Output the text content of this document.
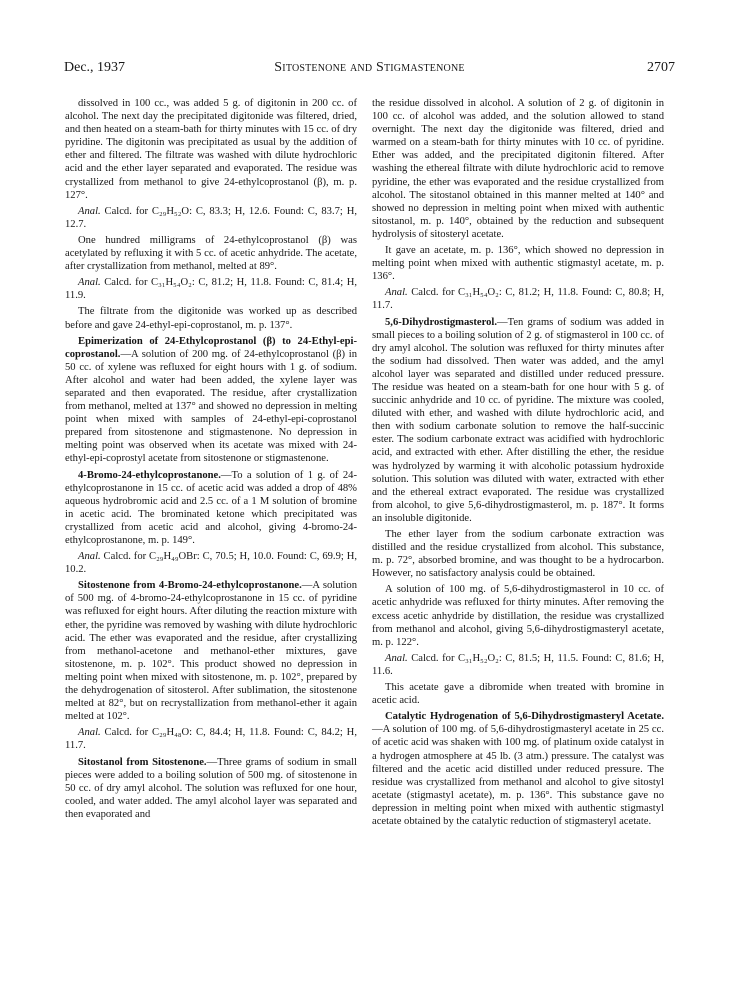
Dec., 1937	Sitostenone and Stigmastenone	2707

dissolved in 100 cc., was added 5 g. of digitonin in 200 cc. of alcohol. The next day the precipitated digitonide was filtered, dried, and then heated on a steam-bath for thirty minutes with 15 cc. of dry pyridine. The digitonin was precipitated as usual by the addition of ether and filtered. The filtrate was washed with dilute hydrochloric acid and the ether layer separated and evaporated. The residue was crystallized from methanol to give 24-ethylcoprostanol (β), m. p. 127°.

Anal. Calcd. for C₂₉H₅₂O: C, 83.3; H, 12.6. Found: C, 83.7; H, 12.7.

One hundred milligrams of 24-ethylcoprostanol (β) was acetylated by refluxing it with 5 cc. of acetic anhydride. The acetate, after crystallization from methanol, melted at 89°.

Anal. Calcd. for C₃₁H₅₄O₂: C, 81.2; H, 11.8. Found: C, 81.4; H, 11.9.

The filtrate from the digitonide was worked up as described before and gave 24-ethyl-epi-coprostanol, m. p. 137°.

Epimerization of 24-Ethylcoprostanol (β) to 24-Ethyl-epi-coprostanol.—A solution of 200 mg. of 24-ethylcoprostanol (β) in 50 cc. of xylene was refluxed for eight hours with 1 g. of sodium. After alcohol and water had been added, the xylene layer was separated and then evaporated. The residue, after crystallization from methanol, melted at 137° and showed no depression in melting point when mixed with samples of 24-ethyl-epi-coprostanol prepared from sitostenone and stigmastenone. No depression in melting point was observed when its acetate was mixed with 24-ethyl-epi-coprostyl acetate from sitostenone or stigmastenone.

4-Bromo-24-ethylcoprostanone.—To a solution of 1 g. of 24-ethylcoprostanone in 15 cc. of acetic acid was added a drop of 48% aqueous hydrobromic acid and 2.5 cc. of a 1 M solution of bromine in acetic acid. The brominated ketone which precipitated was crystallized from acetic acid and alcohol, giving 4-bromo-24-ethylcoprostanone, m. p. 149°.

Anal. Calcd. for C₂₉H₄₉OBr: C, 70.5; H, 10.0. Found: C, 69.9; H, 10.2.

Sitostenone from 4-Bromo-24-ethylcoprostanone.—A solution of 500 mg. of 4-bromo-24-ethylcoprostanone in 15 cc. of pyridine was refluxed for eight hours. After diluting the reaction mixture with ether, the pyridine was removed by washing with dilute hydrochloric acid. The ether was evaporated and the residue, after crystallizing from methanol-acetone and methanol-ether mixtures, gave sitostenone, m. p. 102°. This product showed no depression in melting point when mixed with sitostenone, m. p. 102°, prepared by the dehydrogenation of sitosterol. After sublimation, the sitostenone melted at 82°, but on recrystallization from methanol-ether it again melted at 102°.

Anal. Calcd. for C₂₉H₄₈O: C, 84.4; H, 11.8. Found: C, 84.2; H, 11.7.

Sitostanol from Sitostenone.—Three grams of sodium in small pieces were added to a boiling solution of 500 mg. of sitostenone in 50 cc. of dry amyl alcohol. The solution was refluxed for one hour, cooled, and water added. The amyl alcohol layer was separated and then evaporated and

the residue dissolved in alcohol. A solution of 2 g. of digitonin in 100 cc. of alcohol was added, and the solution allowed to stand overnight. The next day the digitonide was filtered, dried and warmed on a steam-bath for thirty minutes with 10 cc. of pyridine. Ether was added, and the precipitated digitonin filtered. After washing the ethereal filtrate with dilute hydrochloric acid to remove pyridine, the ether was evaporated and the residue crystallized from alcohol. The sitostanol obtained in this manner melted at 140° and showed no depression in melting point when mixed with authentic sitostanol, m. p. 140°, obtained by the reduction and subsequent hydrolysis of sitosteryl acetate.

It gave an acetate, m. p. 136°, which showed no depression in melting point when mixed with authentic stigmastyl acetate, m. p. 136°.

Anal. Calcd. for C₃₁H₅₄O₂: C, 81.2; H, 11.8. Found: C, 80.8; H, 11.7.

5,6-Dihydrostigmasterol.—Ten grams of sodium was added in small pieces to a boiling solution of 2 g. of stigmasterol in 100 cc. of dry amyl alcohol. The solution was refluxed for thirty minutes after the sodium had dissolved. Then water was added, and the amyl alcohol layer was separated and distilled under reduced pressure. The residue was heated on a steam-bath for one hour with 5 g. of succinic anhydride and 10 cc. of pyridine. The mixture was cooled, diluted with ether, and washed with dilute hydrochloric acid, and then with sodium carbonate solution to remove the half-succinic ester. The sodium carbonate extract was acidified with hydrochloric acid, and extracted with ether. After distilling the ether, the residue was hydrolyzed by warming it with alcoholic potassium hydroxide solution. This solution was diluted with water, extracted with ether and the ethereal extract evaporated. The residue was crystallized from alcohol, to give 5,6-dihydrostigmasterol, m. p. 187°. It forms an insoluble digitonide.

The ether layer from the sodium carbonate extraction was distilled and the residue crystallized from alcohol. This substance, m. p. 72°, absorbed bromine, and was thought to be a hydrocarbon. However, no satisfactory analysis could be obtained.

A solution of 100 mg. of 5,6-dihydrostigmasterol in 10 cc. of acetic anhydride was refluxed for thirty minutes. After removing the excess acetic anhydride by distillation, the residue was crystallized from methanol and alcohol, giving 5,6-dihydrostigmasteryl acetate, m. p. 122°.

Anal. Calcd. for C₃₁H₅₂O₂: C, 81.5; H, 11.5. Found: C, 81.6; H, 11.6.

This acetate gave a dibromide when treated with bromine in acetic acid.

Catalytic Hydrogenation of 5,6-Dihydrostigmasteryl Acetate.—A solution of 100 mg. of 5,6-dihydrostigmasteryl acetate in 25 cc. of acetic acid was shaken with 100 mg. of platinum oxide catalyst in a hydrogen atmosphere at 45 lb. (3 atm.) pressure. The catalyst was filtered and the acetic acid distilled under reduced pressure. The residue was crystallized from methanol and alcohol to give sitostyl acetate (stigmastyl acetate), m. p. 136°. This substance gave no depression in melting point when mixed with authentic stigmastyl acetate obtained by the catalytic reduction of stigmasteryl acetate.
